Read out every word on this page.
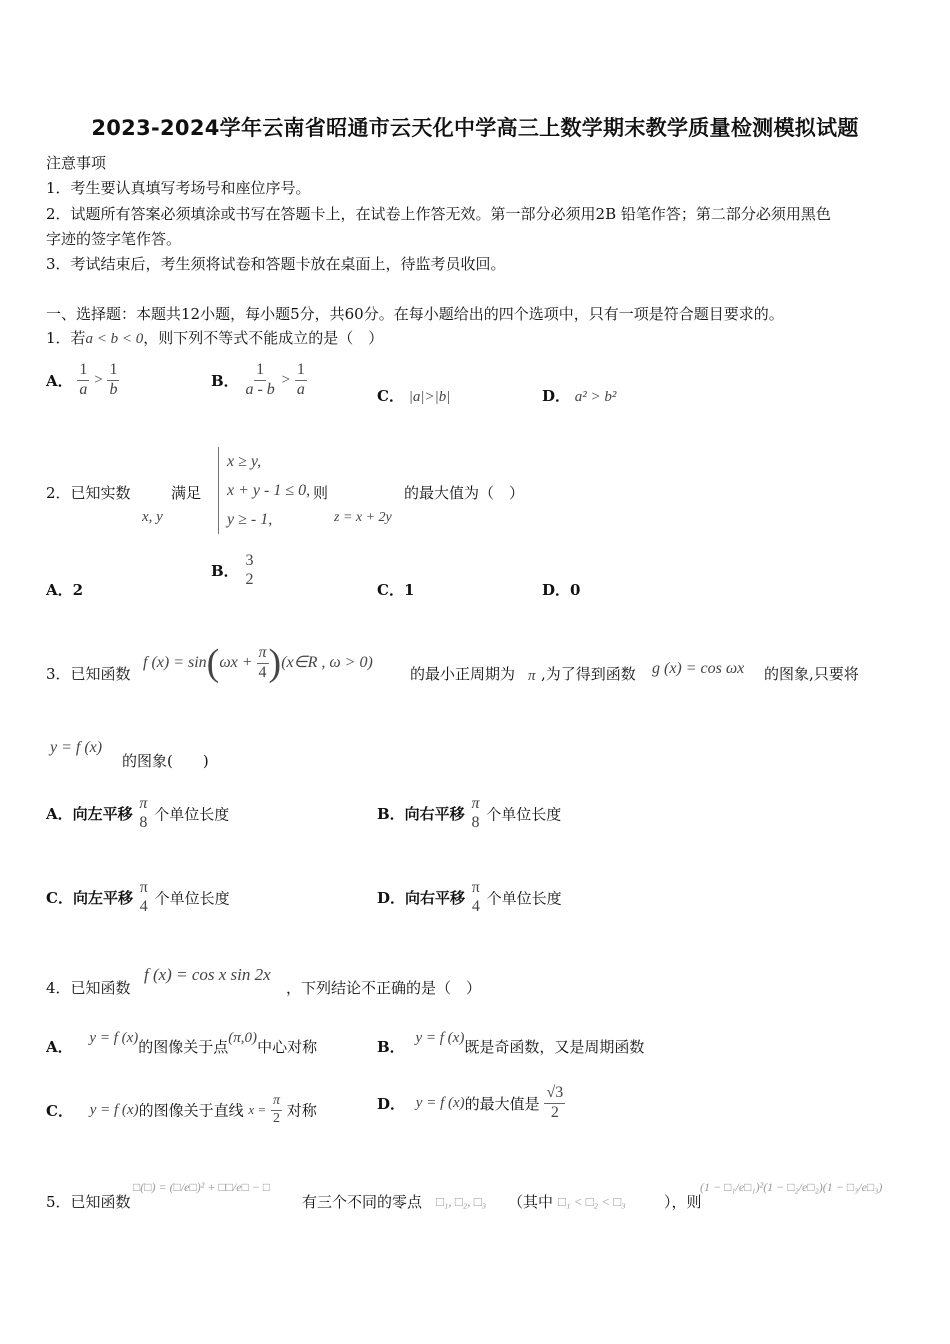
2023-2024学年云南省昭通市云天化中学高三上数学期末教学质量检测模拟试题
注意事项
1．考生要认真填写考场号和座位序号。
2．试题所有答案必须填涂或书写在答题卡上，在试卷上作答无效。第一部分必须用2B 铅笔作答；第二部分必须用黑色
字迹的签字笔作答。
3．考试结束后，考生须将试卷和答题卡放在桌面上，待监考员收回。
一、选择题：本题共12小题，每小题5分，共60分。在每小题给出的四个选项中，只有一项是符合题目要求的。
1．若a < b < 0，则下列不等式不能成立的是（　）
A． $\frac{1}{a} > \frac{1}{b}$	B． $\frac{1}{a - b} > \frac{1}{a}$	C． |a|>|b|	D． a² > b²
2．已知实数
x, y
满足
x ≥ y,
x + y - 1 ≤ 0,
y ≥ - 1,
则
z = x + 2y
的最大值为（　）
A．2
B．
3
2
C．1	D．0
3．已知函数
f $(x) = \sin(\omega x + \frac{\pi}{4}$ )(x∈R , ω > 0)
的最小正周期为 π ,为了得到函数 g (x) = cos ωx 的图象,只要将
y = f (x)
的图象(　　)
A．向左平移
π
8 个单位长度	B．向右平移
π
8 个单位长度
C．向左平移
π
4 个单位长度	D．向右平移
π
4 个单位长度
4．已知函数
f (x) = cos x sin 2x
，下列结论不正确的是（　）
A． y = f (x)的图像关于点(π,0)中心对称	B． y = f (x)既是奇函数，又是周期函数
C． y = f (x)的图像关于直线 $x = \frac{\pi}{2}$ 对称	D． y = f (x)的最大值是 $\frac{√3}{2}$
5．已知函数
□(□) = (□/e□)² + □□/e□ − □
有三个不同的零点 □₁, □₂, □₃ （其中 □₁ < □₂ < □₃	），则
(1 − □₁/e□₁)²(1 − □₂/e□₂)(1 − □₃/e□₃)
